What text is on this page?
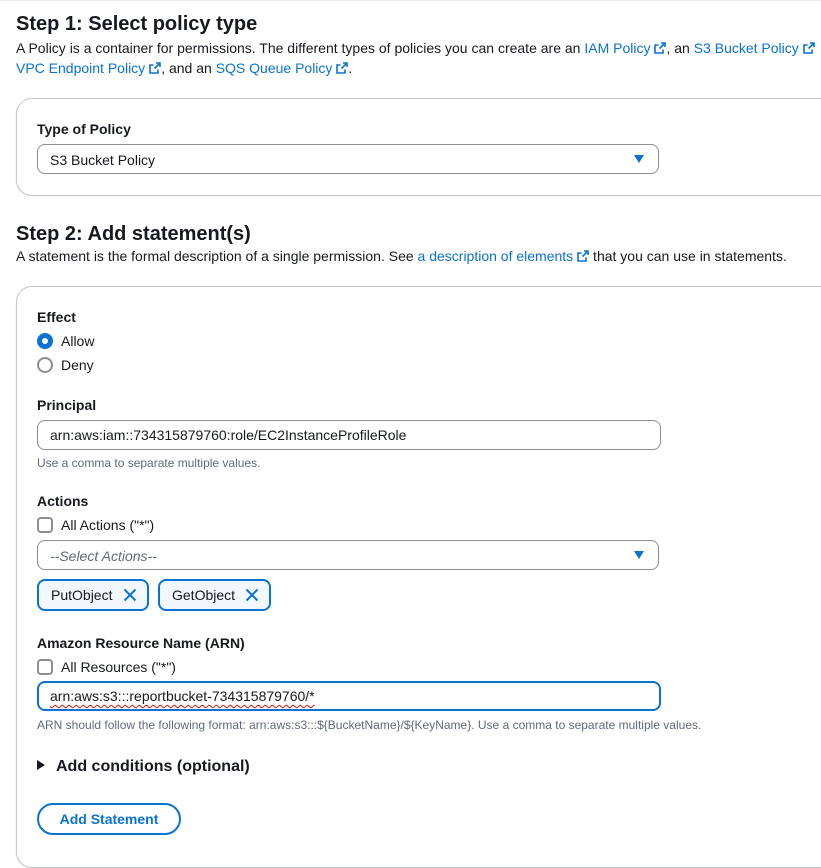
Step 1: Select policy type
A Policy is a container for permissions. The different types of policies you can create are an IAM Policy , an S3 Bucket Policy
VPC Endpoint Policy , and an SQS Queue Policy .
Type of Policy
S3 Bucket Policy
Step 2: Add statement(s)
A statement is the formal description of a single permission. See a description of elements that you can use in statements.
Effect
Allow
Deny
Principal
arn:aws:iam::734315879760:role/EC2InstanceProfileRole
Use a comma to separate multiple values.
Actions
All Actions ("*")
--Select Actions--
PutObject	GetObject
Amazon Resource Name (ARN)
All Resources ("*")
arn:aws:s3:::reportbucket-734315879760/*
ARN should follow the following format: arn:aws:s3:::${BucketName}/${KeyName}. Use a comma to separate multiple values.
Add conditions (optional)
Add Statement
